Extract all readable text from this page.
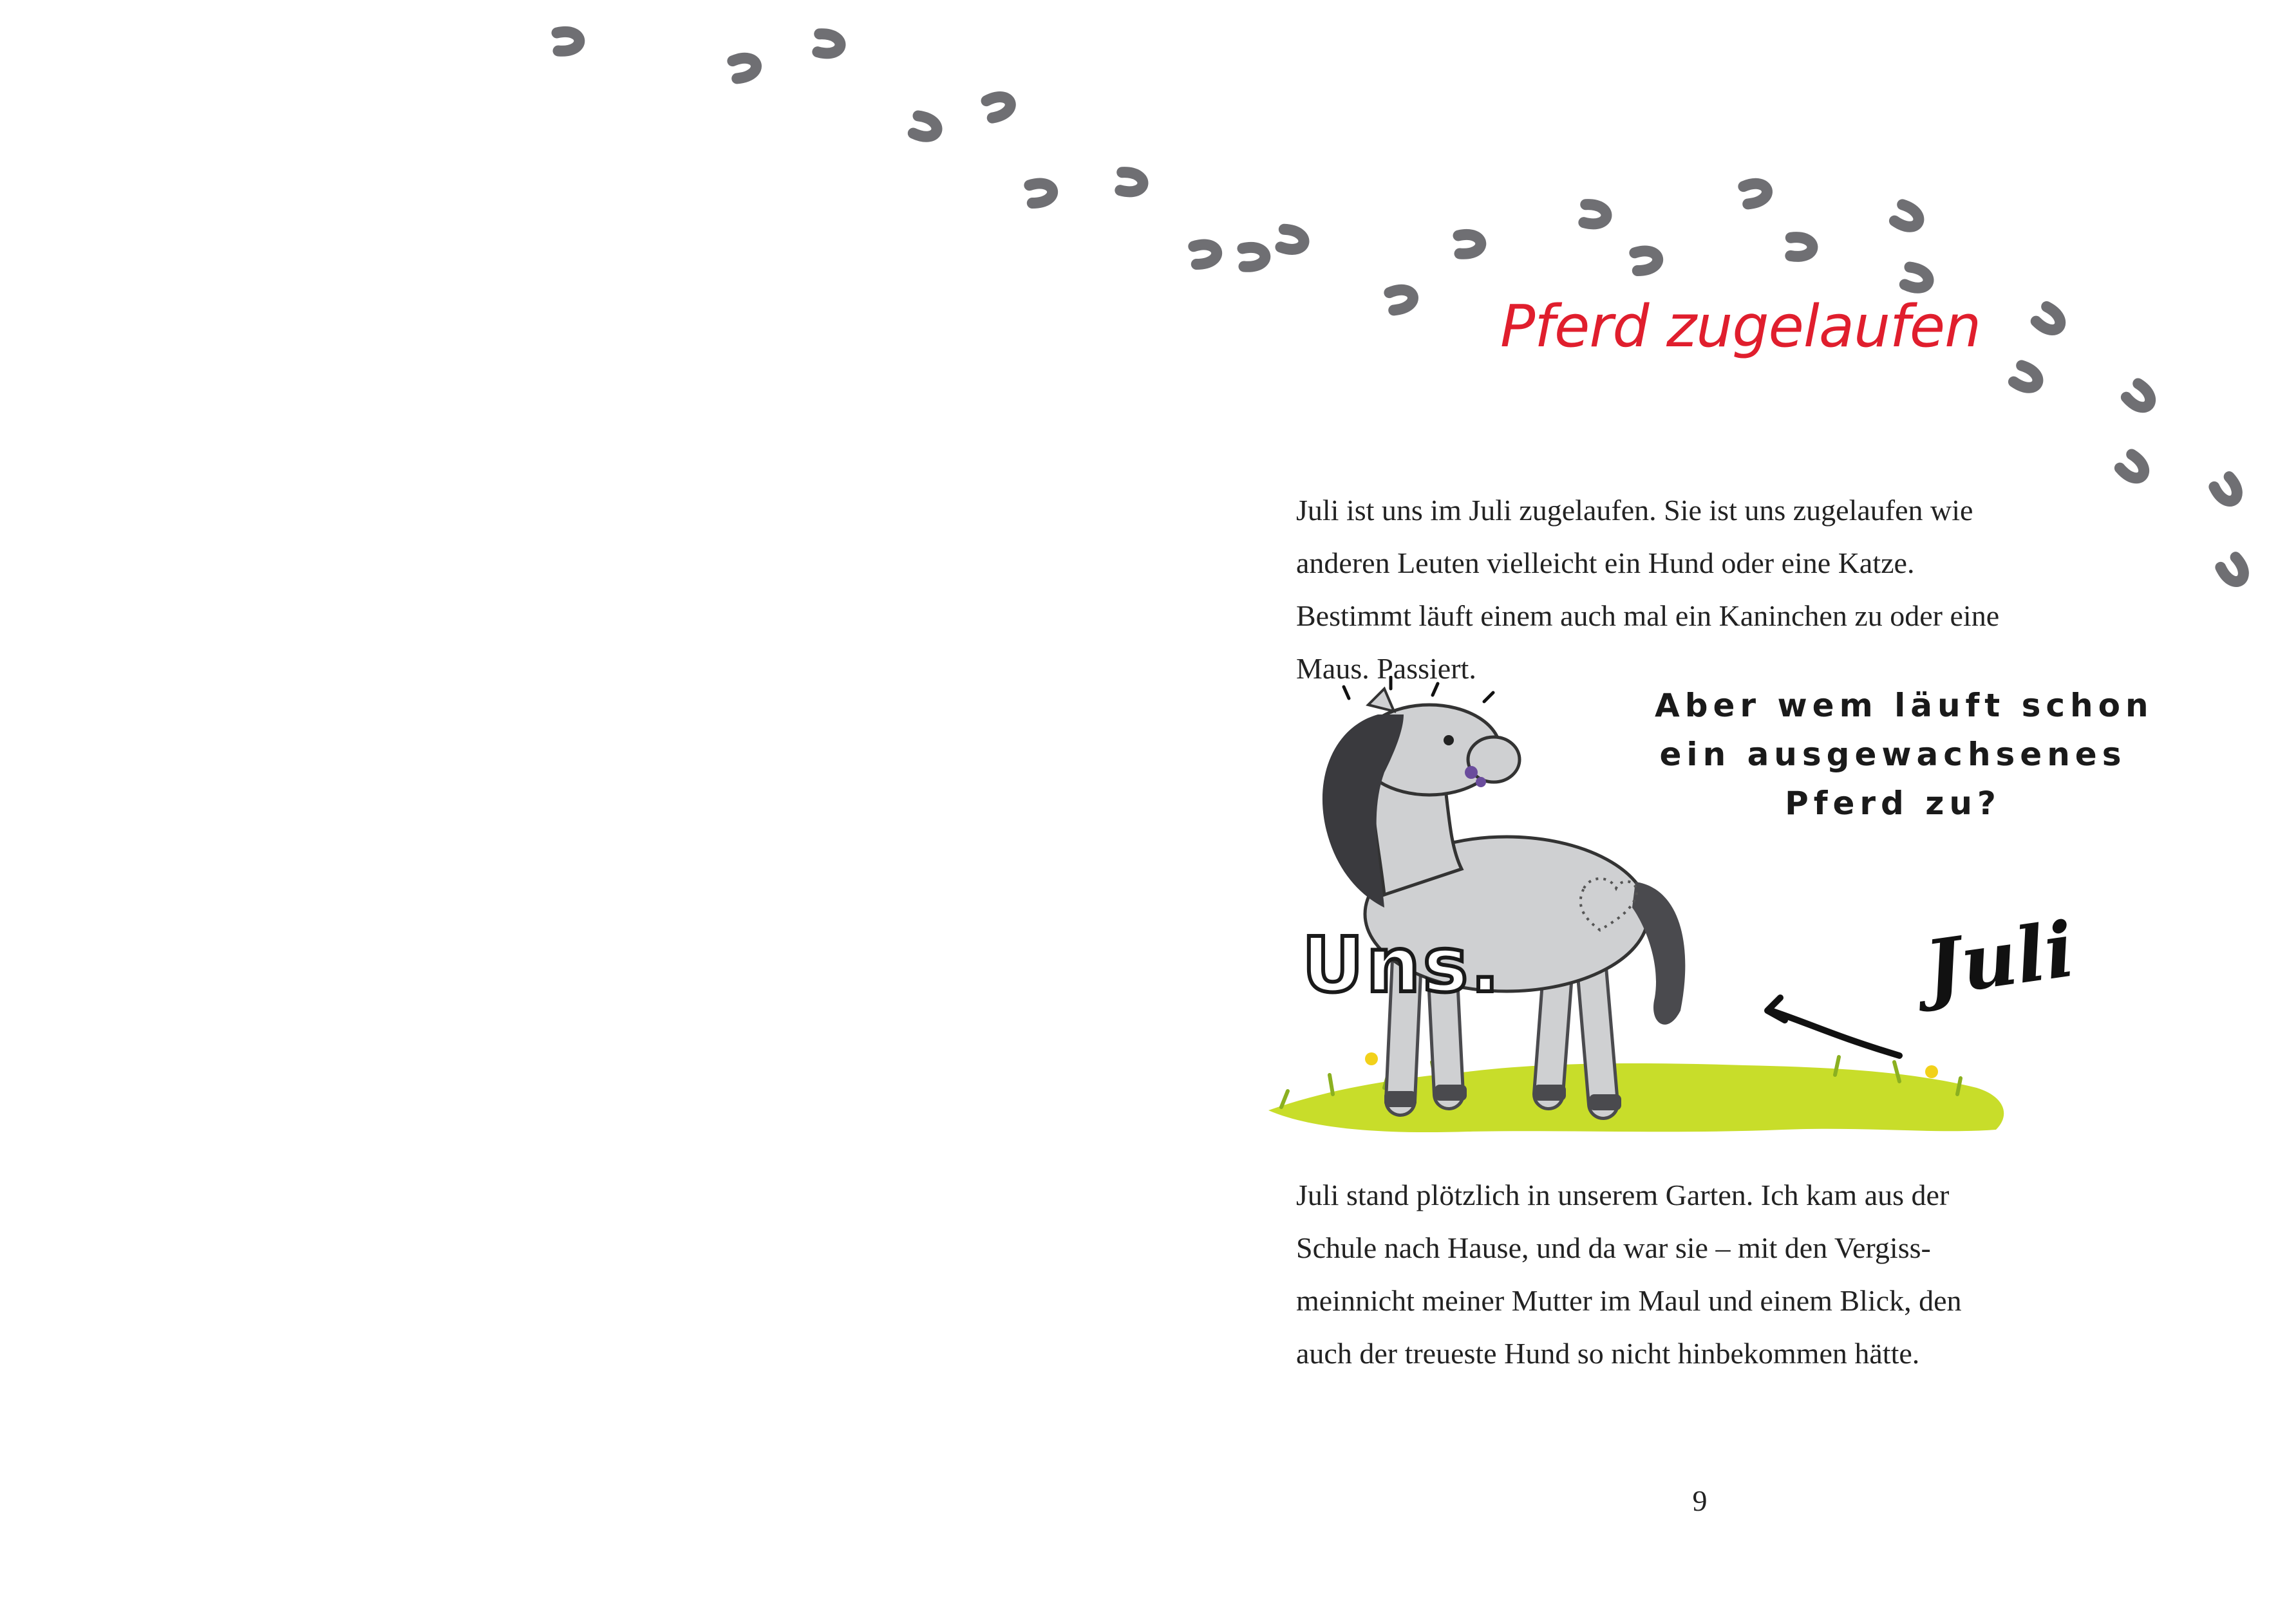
Pferd zugelaufen

Juli ist uns im Juli zugelaufen. Sie ist uns zugelaufen wie
anderen Leuten vielleicht ein Hund oder eine Katze.
Bestimmt läuft einem auch mal ein Kaninchen zu oder eine
Maus. Passiert.

Aber wem läuft schon
ein ausgewachsenes
Pferd zu?

Uns.	Juli

Juli stand plötzlich in unserem Garten. Ich kam aus der
Schule nach Hause, und da war sie – mit den Vergiss-
meinnicht meiner Mutter im Maul und einem Blick, den
auch der treueste Hund so nicht hinbekommen hätte.

9
